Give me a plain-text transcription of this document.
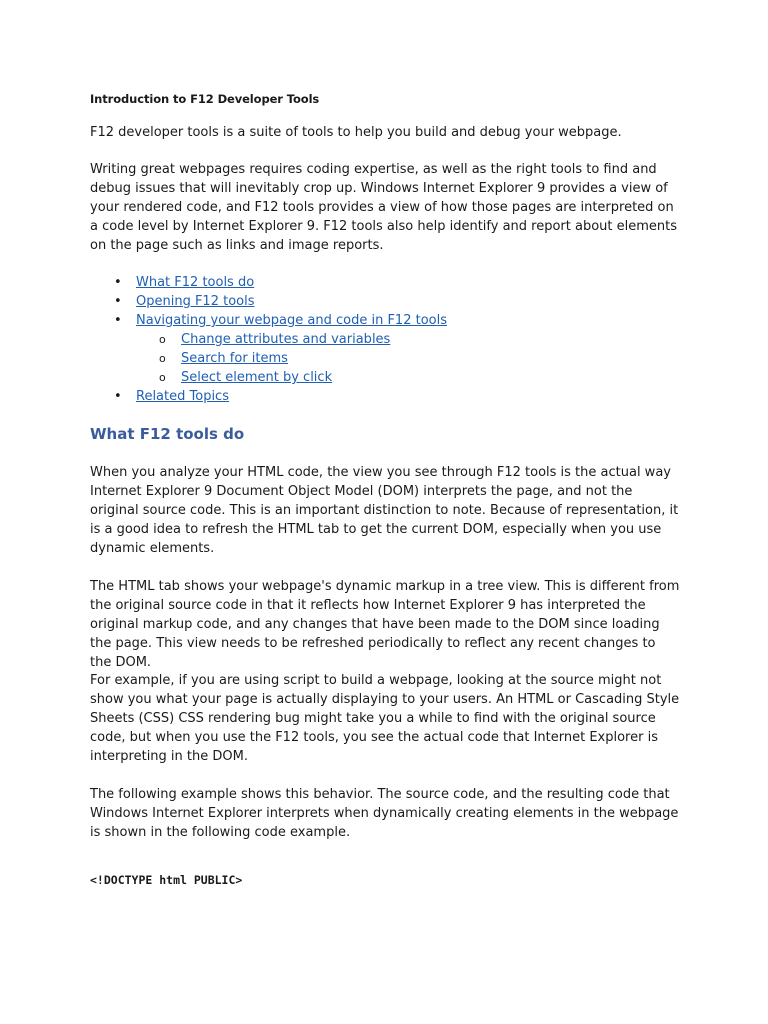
Introduction to F12 Developer Tools

F12 developer tools is a suite of tools to help you build and debug your webpage.

Writing great webpages requires coding expertise, as well as the right tools to find and debug issues that will inevitably crop up. Windows Internet Explorer 9 provides a view of your rendered code, and F12 tools provides a view of how those pages are interpreted on a code level by Internet Explorer 9. F12 tools also help identify and report about elements on the page such as links and image reports.

• What F12 tools do
• Opening F12 tools
• Navigating your webpage and code in F12 tools
o Change attributes and variables
o Search for items
o Select element by click
• Related Topics
What F12 tools do

When you analyze your HTML code, the view you see through F12 tools is the actual way Internet Explorer 9 Document Object Model (DOM) interprets the page, and not the original source code. This is an important distinction to note. Because of representation, it is a good idea to refresh the HTML tab to get the current DOM, especially when you use dynamic elements.

The HTML tab shows your webpage's dynamic markup in a tree view. This is different from the original source code in that it reflects how Internet Explorer 9 has interpreted the original markup code, and any changes that have been made to the DOM since loading the page. This view needs to be refreshed periodically to reflect any recent changes to the DOM.

For example, if you are using script to build a webpage, looking at the source might not show you what your page is actually displaying to your users. An HTML or Cascading Style Sheets (CSS) CSS rendering bug might take you a while to find with the original source code, but when you use the F12 tools, you see the actual code that Internet Explorer is interpreting in the DOM.

The following example shows this behavior. The source code, and the resulting code that Windows Internet Explorer interprets when dynamically creating elements in the webpage is shown in the following code example.

<!DOCTYPE html PUBLIC>
